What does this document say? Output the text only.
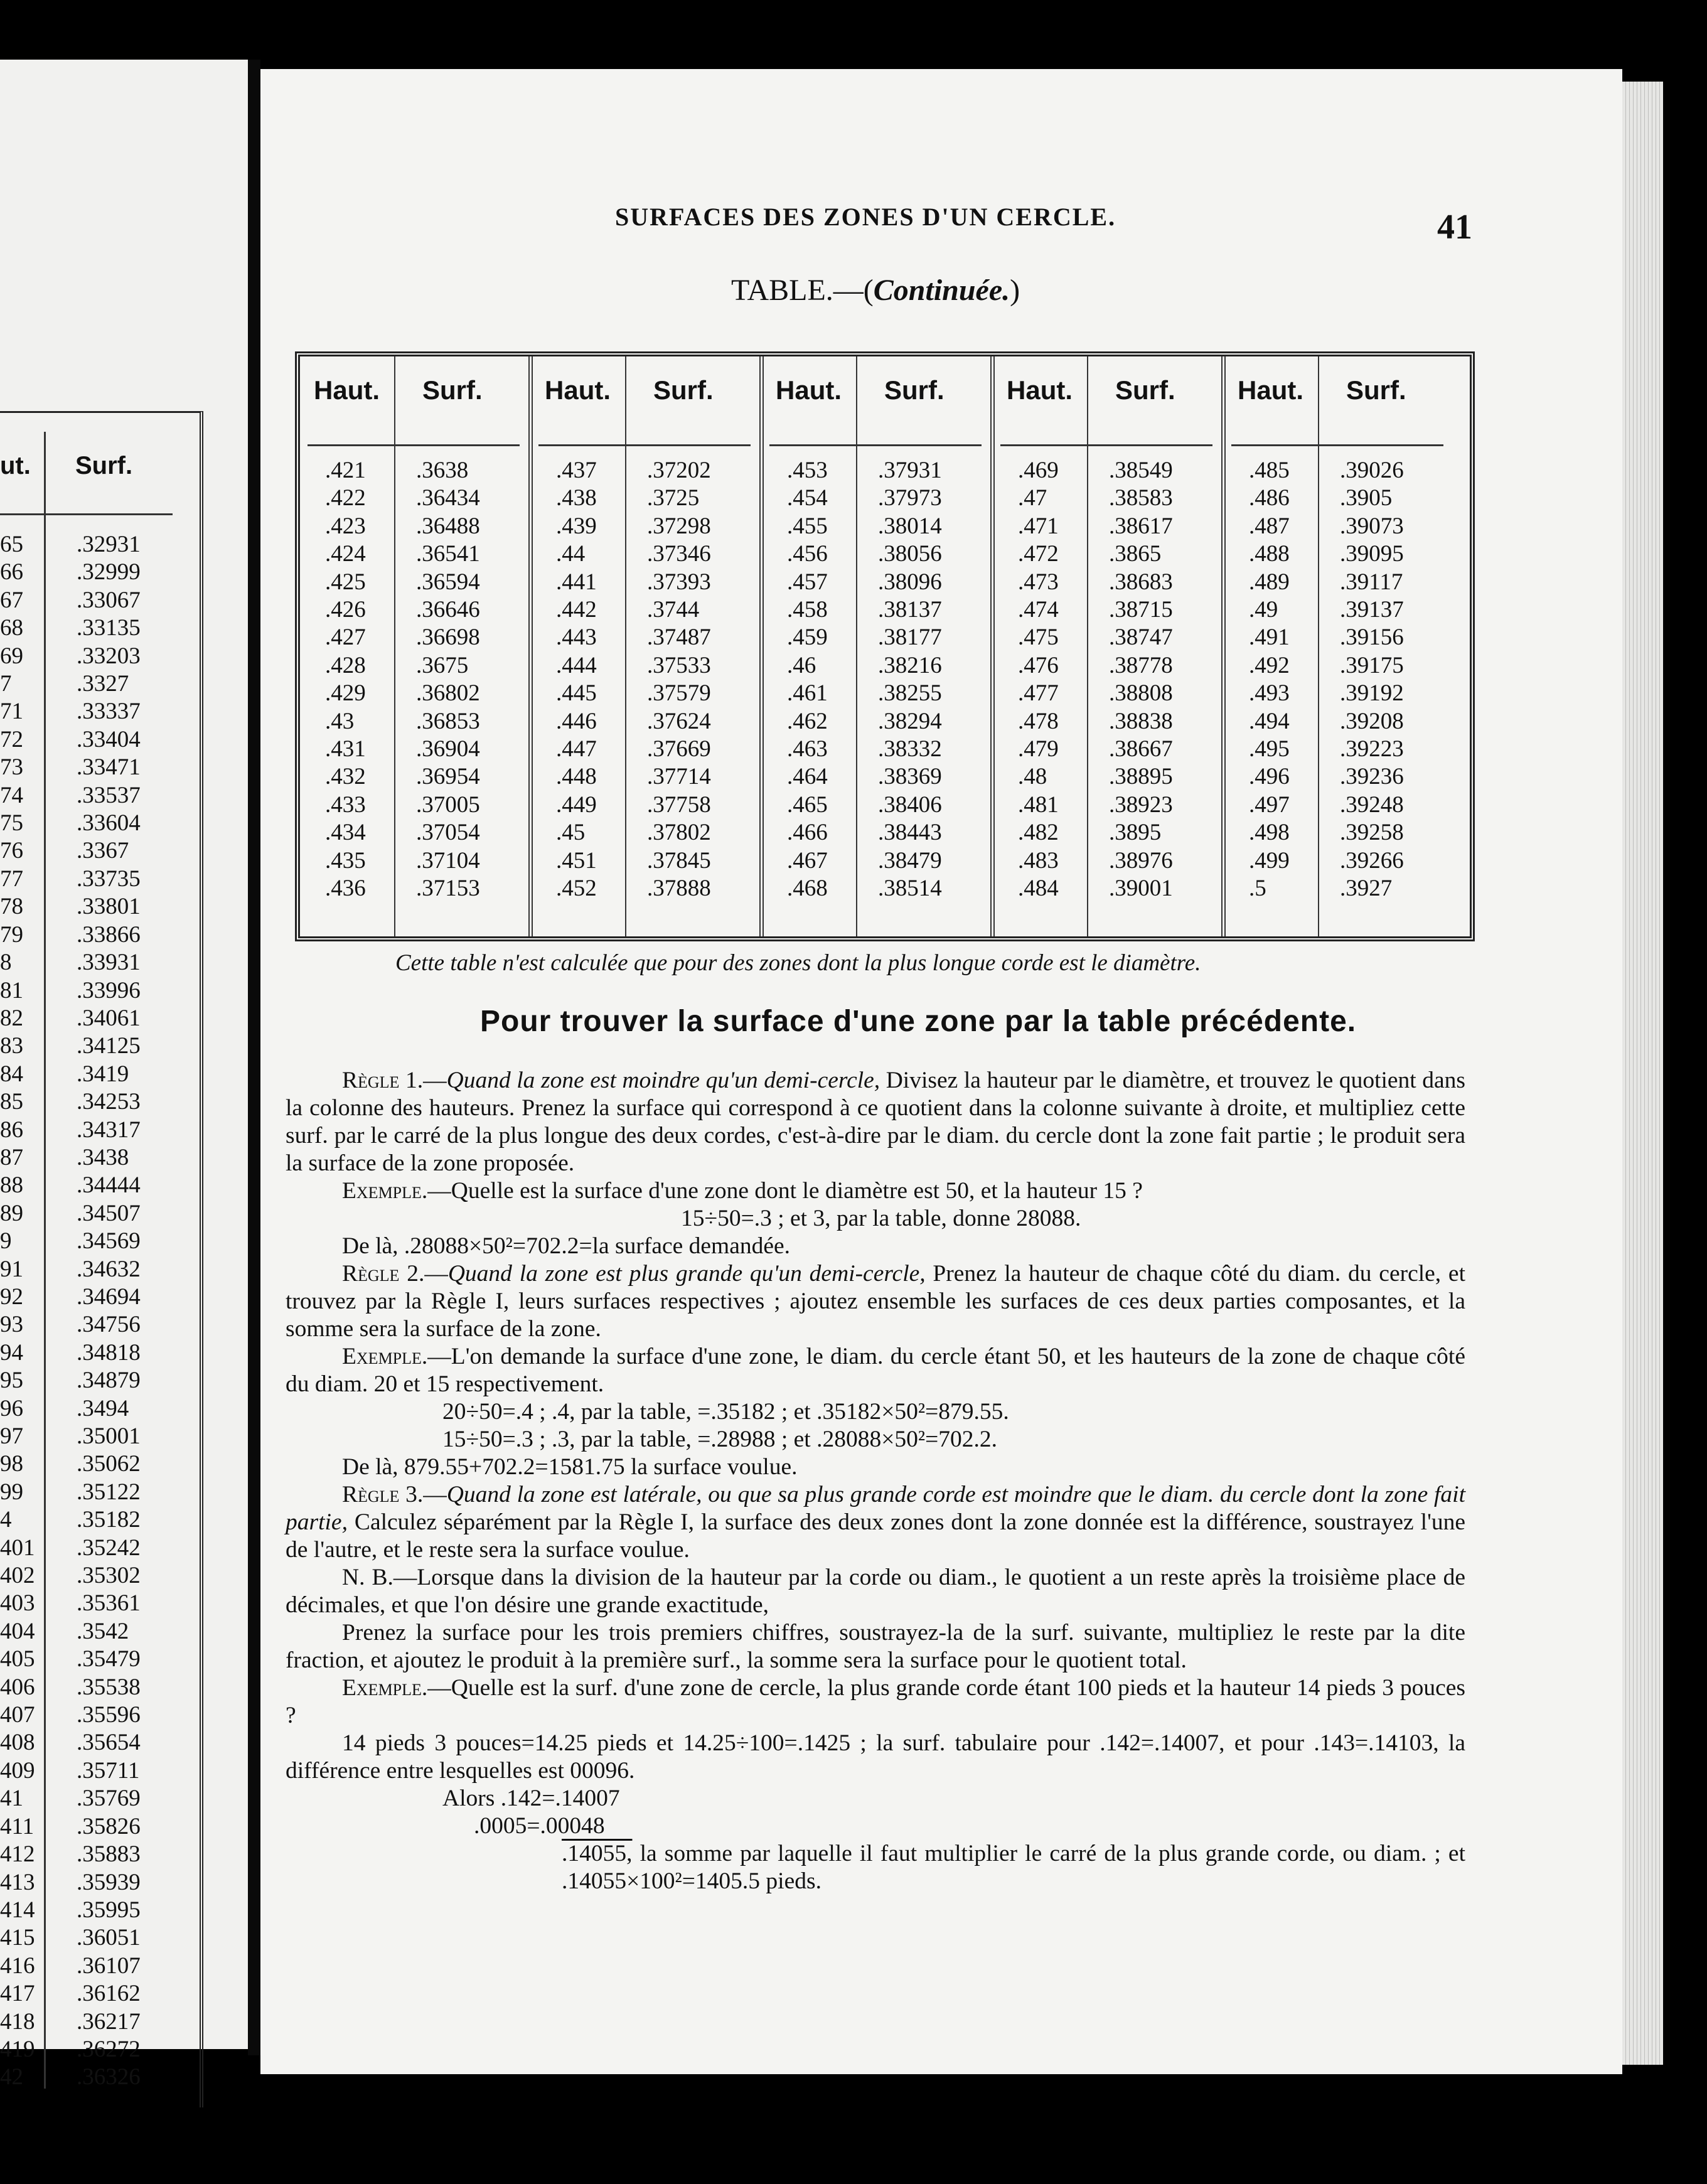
ut. Surf.
65
66
67
68
69
7
71
72
73
74
75
76
77
78
79
8
81
82
83
84
85
86
87
88
89
9
91
92
93
94
95
96
97
98
99
4
401
402
403
404
405
406
407
408
409
41
411
412
413
414
415
416
417
418
419
42
.32931
.32999
.33067
.33135
.33203
.3327
.33337
.33404
.33471
.33537
.33604
.3367
.33735
.33801
.33866
.33931
.33996
.34061
.34125
.3419
.34253
.34317
.3438
.34444
.34507
.34569
.34632
.34694
.34756
.34818
.34879
.3494
.35001
.35062
.35122
.35182
.35242
.35302
.35361
.3542
.35479
.35538
.35596
.35654
.35711
.35769
.35826
.35883
.35939
.35995
.36051
.36107
.36162
.36217
.36272
.36326
SURFACES DES ZONES D'UN CERCLE.	41
TABLE.—(Continuée.)
Haut. Surf.
.421
.422
.423
.424
.425
.426
.427
.428
.429
.43
.431
.432
.433
.434
.435
.436
.3638
.36434
.36488
.36541
.36594
.36646
.36698
.3675
.36802
.36853
.36904
.36954
.37005
.37054
.37104
.37153
Haut. Surf.
.437
.438
.439
.44
.441
.442
.443
.444
.445
.446
.447
.448
.449
.45
.451
.452
.37202
.3725
.37298
.37346
.37393
.3744
.37487
.37533
.37579
.37624
.37669
.37714
.37758
.37802
.37845
.37888
Haut. Surf.
.453
.454
.455
.456
.457
.458
.459
.46
.461
.462
.463
.464
.465
.466
.467
.468
.37931
.37973
.38014
.38056
.38096
.38137
.38177
.38216
.38255
.38294
.38332
.38369
.38406
.38443
.38479
.38514
Haut. Surf.
.469
.47
.471
.472
.473
.474
.475
.476
.477
.478
.479
.48
.481
.482
.483
.484
.38549
.38583
.38617
.3865
.38683
.38715
.38747
.38778
.38808
.38838
.38667
.38895
.38923
.3895
.38976
.39001
Haut. Surf.
.485
.486
.487
.488
.489
.49
.491
.492
.493
.494
.495
.496
.497
.498
.499
.5
.39026
.3905
.39073
.39095
.39117
.39137
.39156
.39175
.39192
.39208
.39223
.39236
.39248
.39258
.39266
.3927
Cette table n'est calculée que pour des zones dont la plus longue corde est le diamètre.
Pour trouver la surface d'une zone par la table précédente.

Règle 1.—Quand la zone est moindre qu'un demi-cercle, Divisez la hauteur par le diamètre, et trouvez le quotient dans la colonne des hauteurs. Prenez la surface qui correspond à ce quotient dans la colonne suivante à droite, et multipliez cette surf. par le carré de la plus longue des deux cordes, c'est-à-dire par le diam. du cercle dont la zone fait partie ; le produit sera la surface de la zone proposée.

Exemple.—Quelle est la surface d'une zone dont le diamètre est 50, et la hauteur 15 ?

15÷50=.3 ; et 3, par la table, donne 28088.

De là, .28088×50²=702.2=la surface demandée.

Règle 2.—Quand la zone est plus grande qu'un demi-cercle, Prenez la hauteur de chaque côté du diam. du cercle, et trouvez par la Règle I, leurs surfaces respectives ; ajoutez ensemble les surfaces de ces deux parties composantes, et la somme sera la surface de la zone.

Exemple.—L'on demande la surface d'une zone, le diam. du cercle étant 50, et les hauteurs de la zone de chaque côté du diam. 20 et 15 respectivement.

20÷50=.4 ; .4, par la table, =.35182 ; et .35182×50²=879.55.

15÷50=.3 ; .3, par la table, =.28988 ; et .28088×50²=702.2.

De là, 879.55+702.2=1581.75 la surface voulue.

Règle 3.—Quand la zone est latérale, ou que sa plus grande corde est moindre que le diam. du cercle dont la zone fait partie, Calculez séparément par la Règle I, la surface des deux zones dont la zone donnée est la différence, soustrayez l'une de l'autre, et le reste sera la surface voulue.

N. B.—Lorsque dans la division de la hauteur par la corde ou diam., le quotient a un reste après la troisième place de décimales, et que l'on désire une grande exactitude,

Prenez la surface pour les trois premiers chiffres, soustrayez-la de la surf. suivante, multipliez le reste par la dite fraction, et ajoutez le produit à la première surf., la somme sera la surface pour le quotient total.

Exemple.—Quelle est la surf. d'une zone de cercle, la plus grande corde étant 100 pieds et la hauteur 14 pieds 3 pouces ?

14 pieds 3 pouces=14.25 pieds et 14.25÷100=.1425 ; la surf. tabulaire pour .142=.14007, et pour .143=.14103, la différence entre lesquelles est 00096.

Alors .142=.14007

.0005=.00048

.14055, la somme par laquelle il faut multiplier le carré de la plus grande corde, ou diam. ; et .14055×100²=1405.5 pieds.
